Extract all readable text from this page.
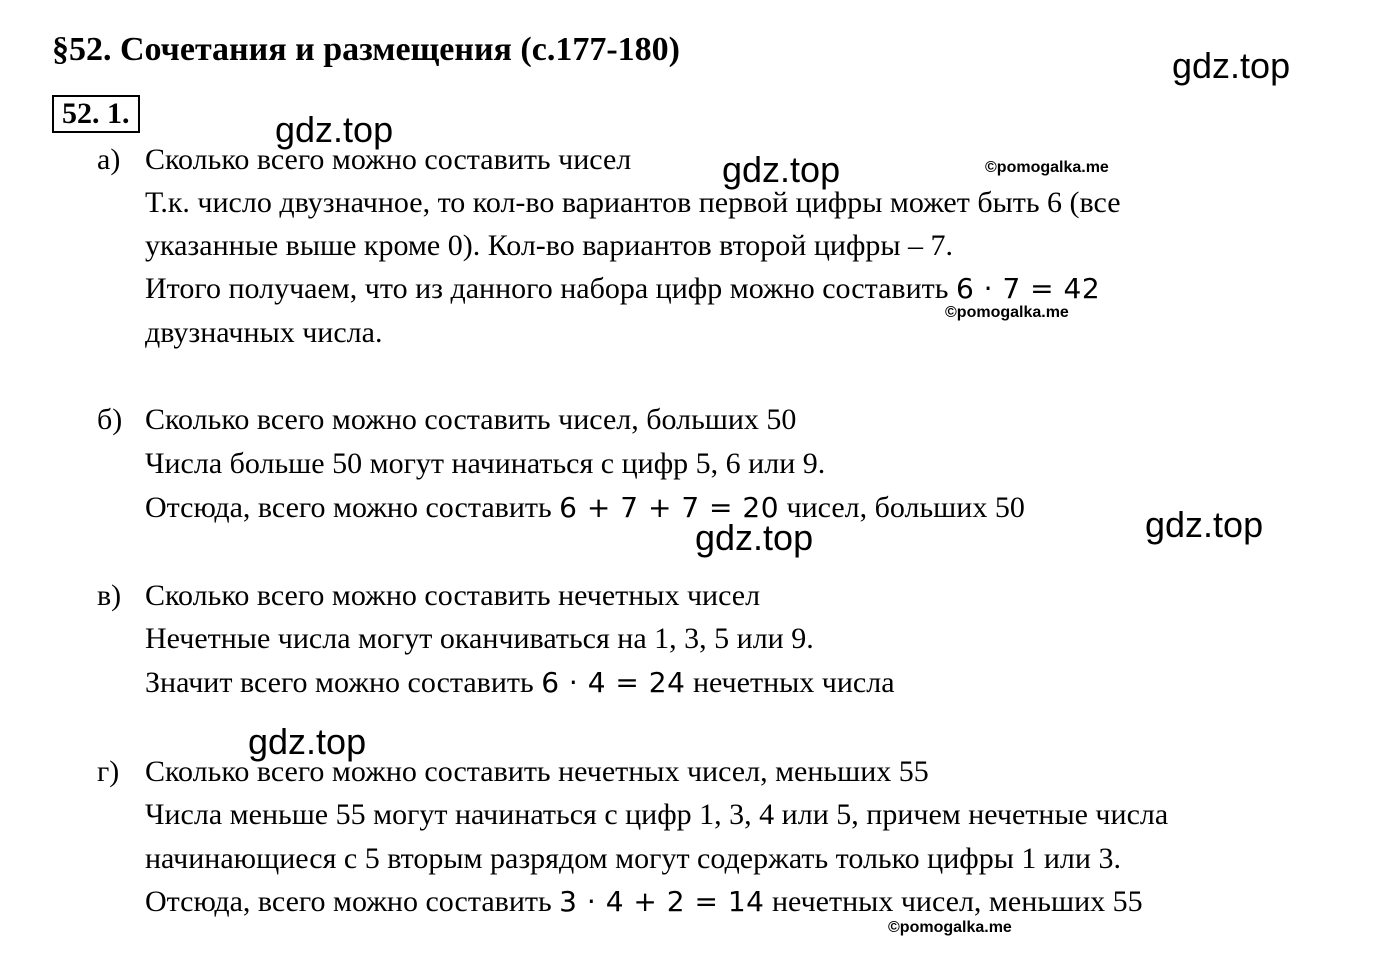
§52. Сочетания и размещения (с.177-180)
52. 1.
а) Сколько всего можно составить чисел
Т.к. число двузначное, то кол-во вариантов первой цифры может быть 6 (все
указанные выше кроме 0). Кол-во вариантов второй цифры – 7.
Итого получаем, что из данного набора цифр можно составить 6 · 7 = 42
двузначных числа.
б) Сколько всего можно составить чисел, больших 50
Числа больше 50 могут начинаться с цифр 5, 6 или 9.
Отсюда, всего можно составить 6 + 7 + 7 = 20 чисел, больших 50
в) Сколько всего можно составить нечетных чисел
Нечетные числа могут оканчиваться на 1, 3, 5 или 9.
Значит всего можно составить 6 · 4 = 24 нечетных числа
г) Сколько всего можно составить нечетных чисел, меньших 55
Числа меньше 55 могут начинаться с цифр 1, 3, 4 или 5, причем нечетные числа
начинающиеся с 5 вторым разрядом могут содержать только цифры 1 или 3.
Отсюда, всего можно составить 3 · 4 + 2 = 14 нечетных чисел, меньших 55
gdz.top
gdz.top
gdz.top
gdz.top	gdz.top
gdz.top
©pomogalka.me
©pomogalka.me
©pomogalka.me
